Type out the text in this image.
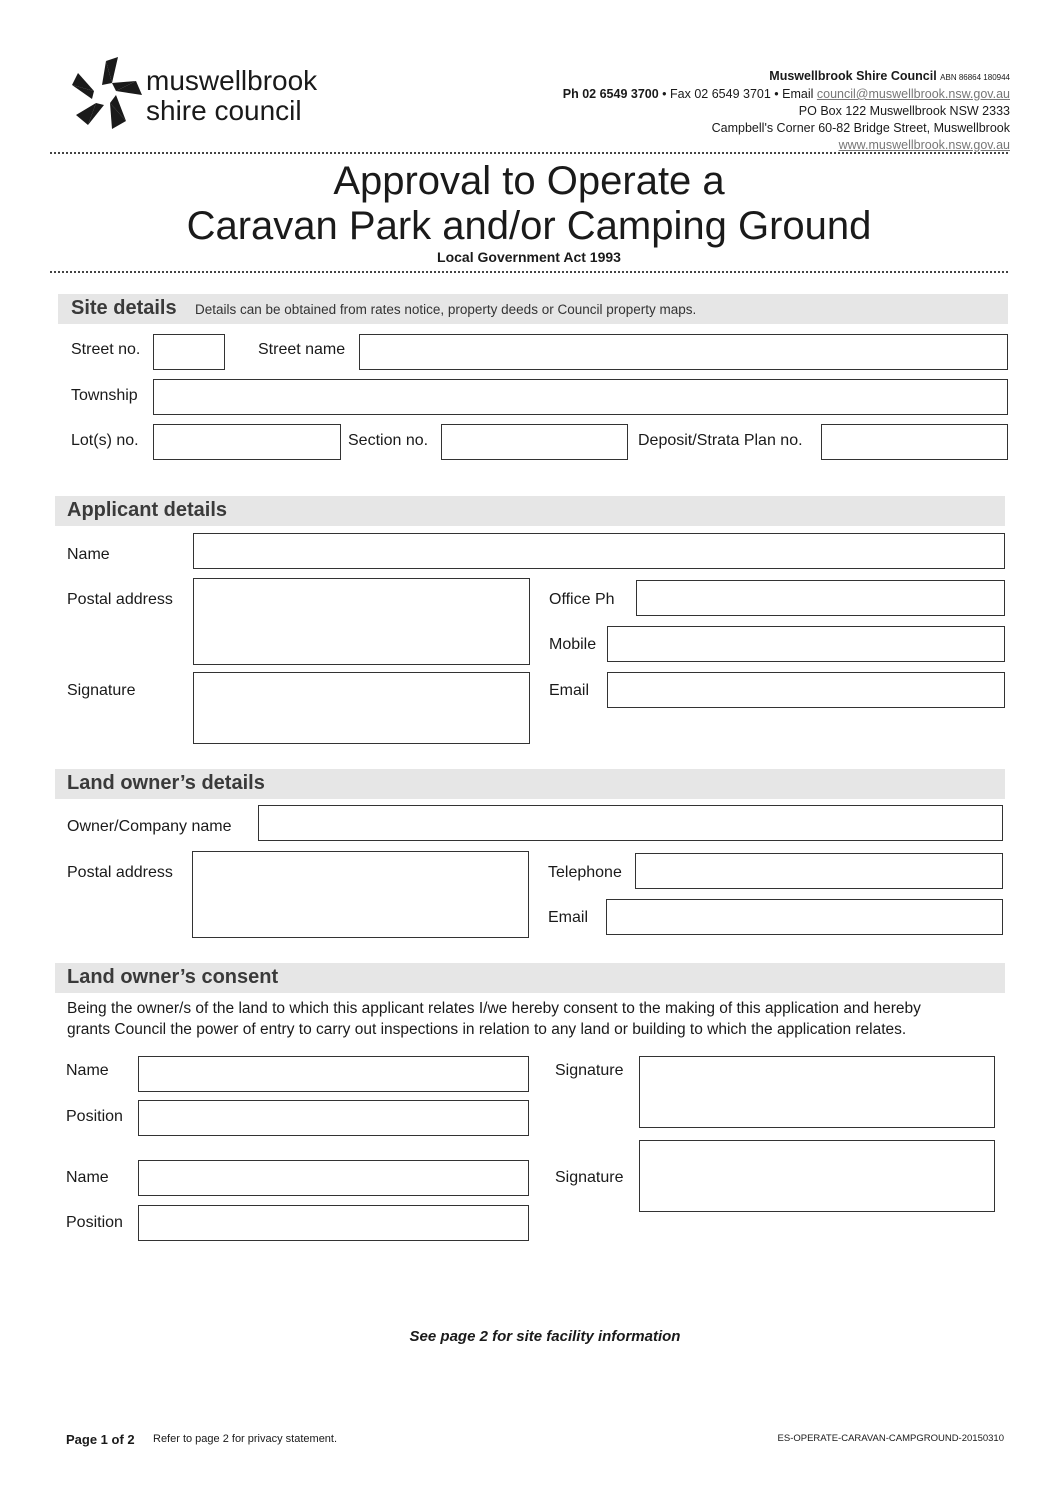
muswellbrook
shire council
Muswellbrook Shire Council ABN 86864 180944
Ph 02 6549 3700 • Fax 02 6549 3701 • Email council@muswellbrook.nsw.gov.au
PO Box 122 Muswellbrook NSW 2333
Campbell's Corner 60-82 Bridge Street, Muswellbrook
www.muswellbrook.nsw.gov.au
Approval to Operate a
Caravan Park and/or Camping Ground
Local Government Act 1993
Site details Details can be obtained from rates notice, property deeds or Council property maps.
Street no.	Street name
Township
Lot(s) no.	Section no.	Deposit/Strata Plan no.
Applicant details
Name
Postal address	Office Ph
Mobile
Signature	Email
Land owner’s details
Owner/Company name
Postal address	Telephone
Email
Land owner’s consent
Being the owner/s of the land to which this applicant relates I/we hereby consent to the making of this application and hereby
grants Council the power of entry to carry out inspections in relation to any land or building to which the application relates.
Name	Signature
Position
Name	Signature
Position
See page 2 for site facility information
Page 1 of 2 Refer to page 2 for privacy statement.	ES-OPERATE-CARAVAN-CAMPGROUND-20150310
